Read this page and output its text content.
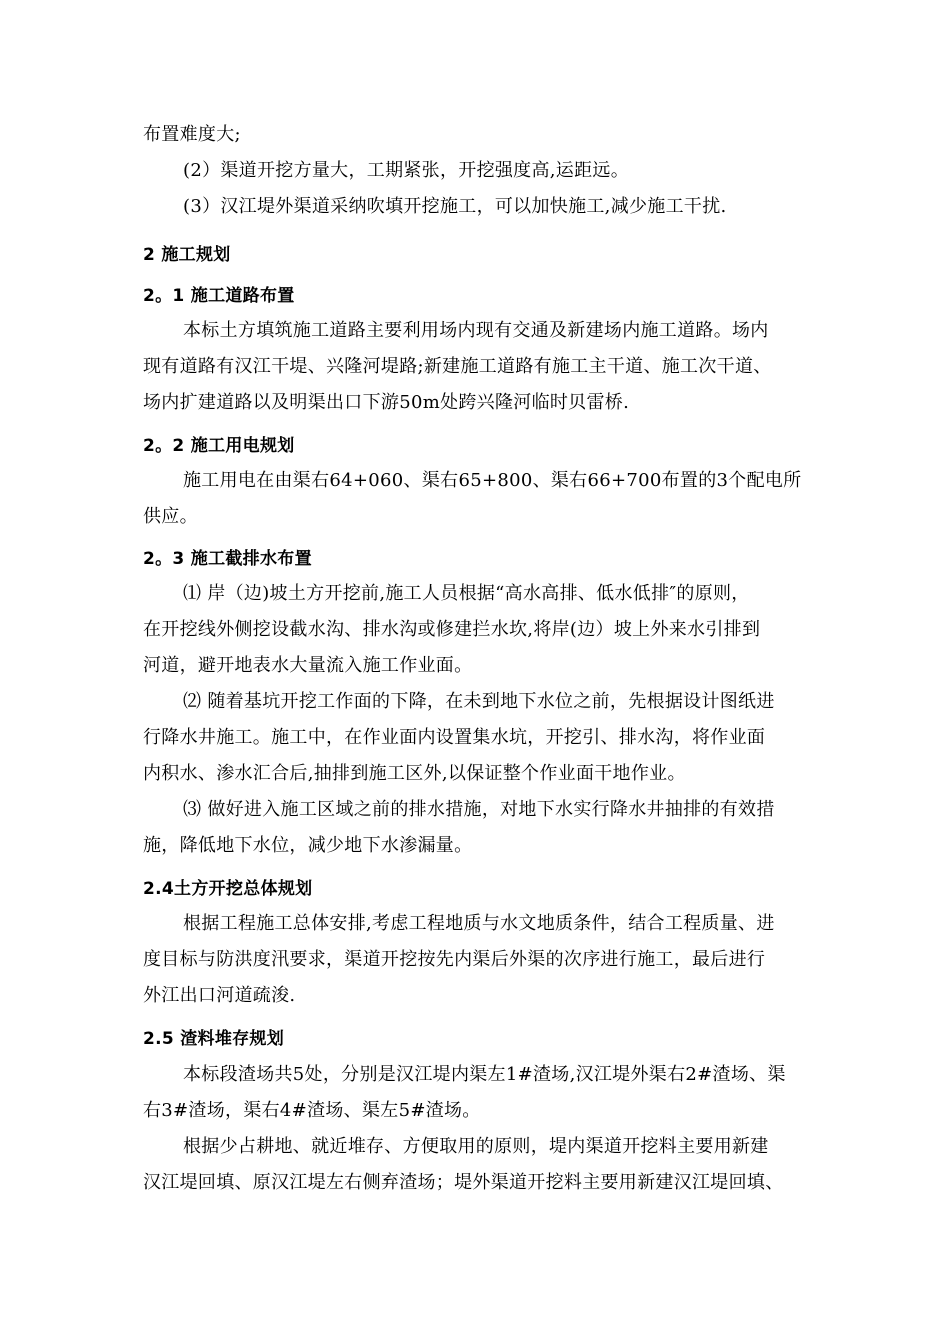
布置难度大;
(2）渠道开挖方量大，工期紧张，开挖强度高,运距远。
(3）汉江堤外渠道采纳吹填开挖施工，可以加快施工,减少施工干扰.
2 施工规划
2。1 施工道路布置
本标土方填筑施工道路主要利用场内现有交通及新建场内施工道路。场内
现有道路有汉江干堤、兴隆河堤路;新建施工道路有施工主干道、施工次干道、
场内扩建道路以及明渠出口下游50m处跨兴隆河临时贝雷桥.
2。2 施工用电规划
施工用电在由渠右64+060、渠右65+800、渠右66+700布置的3个配电所
供应。
2。3 施工截排水布置
⑴ 岸（边)坡土方开挖前,施工人员根据“高水高排、低水低排″的原则，
在开挖线外侧挖设截水沟、排水沟或修建拦水坎,将岸(边）坡上外来水引排到
河道，避开地表水大量流入施工作业面。
⑵ 随着基坑开挖工作面的下降，在未到地下水位之前，先根据设计图纸进
行降水井施工。施工中，在作业面内设置集水坑，开挖引、排水沟，将作业面
内积水、渗水汇合后,抽排到施工区外,以保证整个作业面干地作业。
⑶ 做好进入施工区域之前的排水措施，对地下水实行降水井抽排的有效措
施，降低地下水位，减少地下水渗漏量。
2.4土方开挖总体规划
根据工程施工总体安排,考虑工程地质与水文地质条件，结合工程质量、进
度目标与防洪度汛要求，渠道开挖按先内渠后外渠的次序进行施工，最后进行
外江出口河道疏浚.
2.5 渣料堆存规划
本标段渣场共5处，分别是汉江堤内渠左1#渣场,汉江堤外渠右2#渣场、渠
右3#渣场，渠右4#渣场、渠左5#渣场。
根据少占耕地、就近堆存、方便取用的原则，堤内渠道开挖料主要用新建
汉江堤回填、原汉江堤左右侧弃渣场；堤外渠道开挖料主要用新建汉江堤回填、
